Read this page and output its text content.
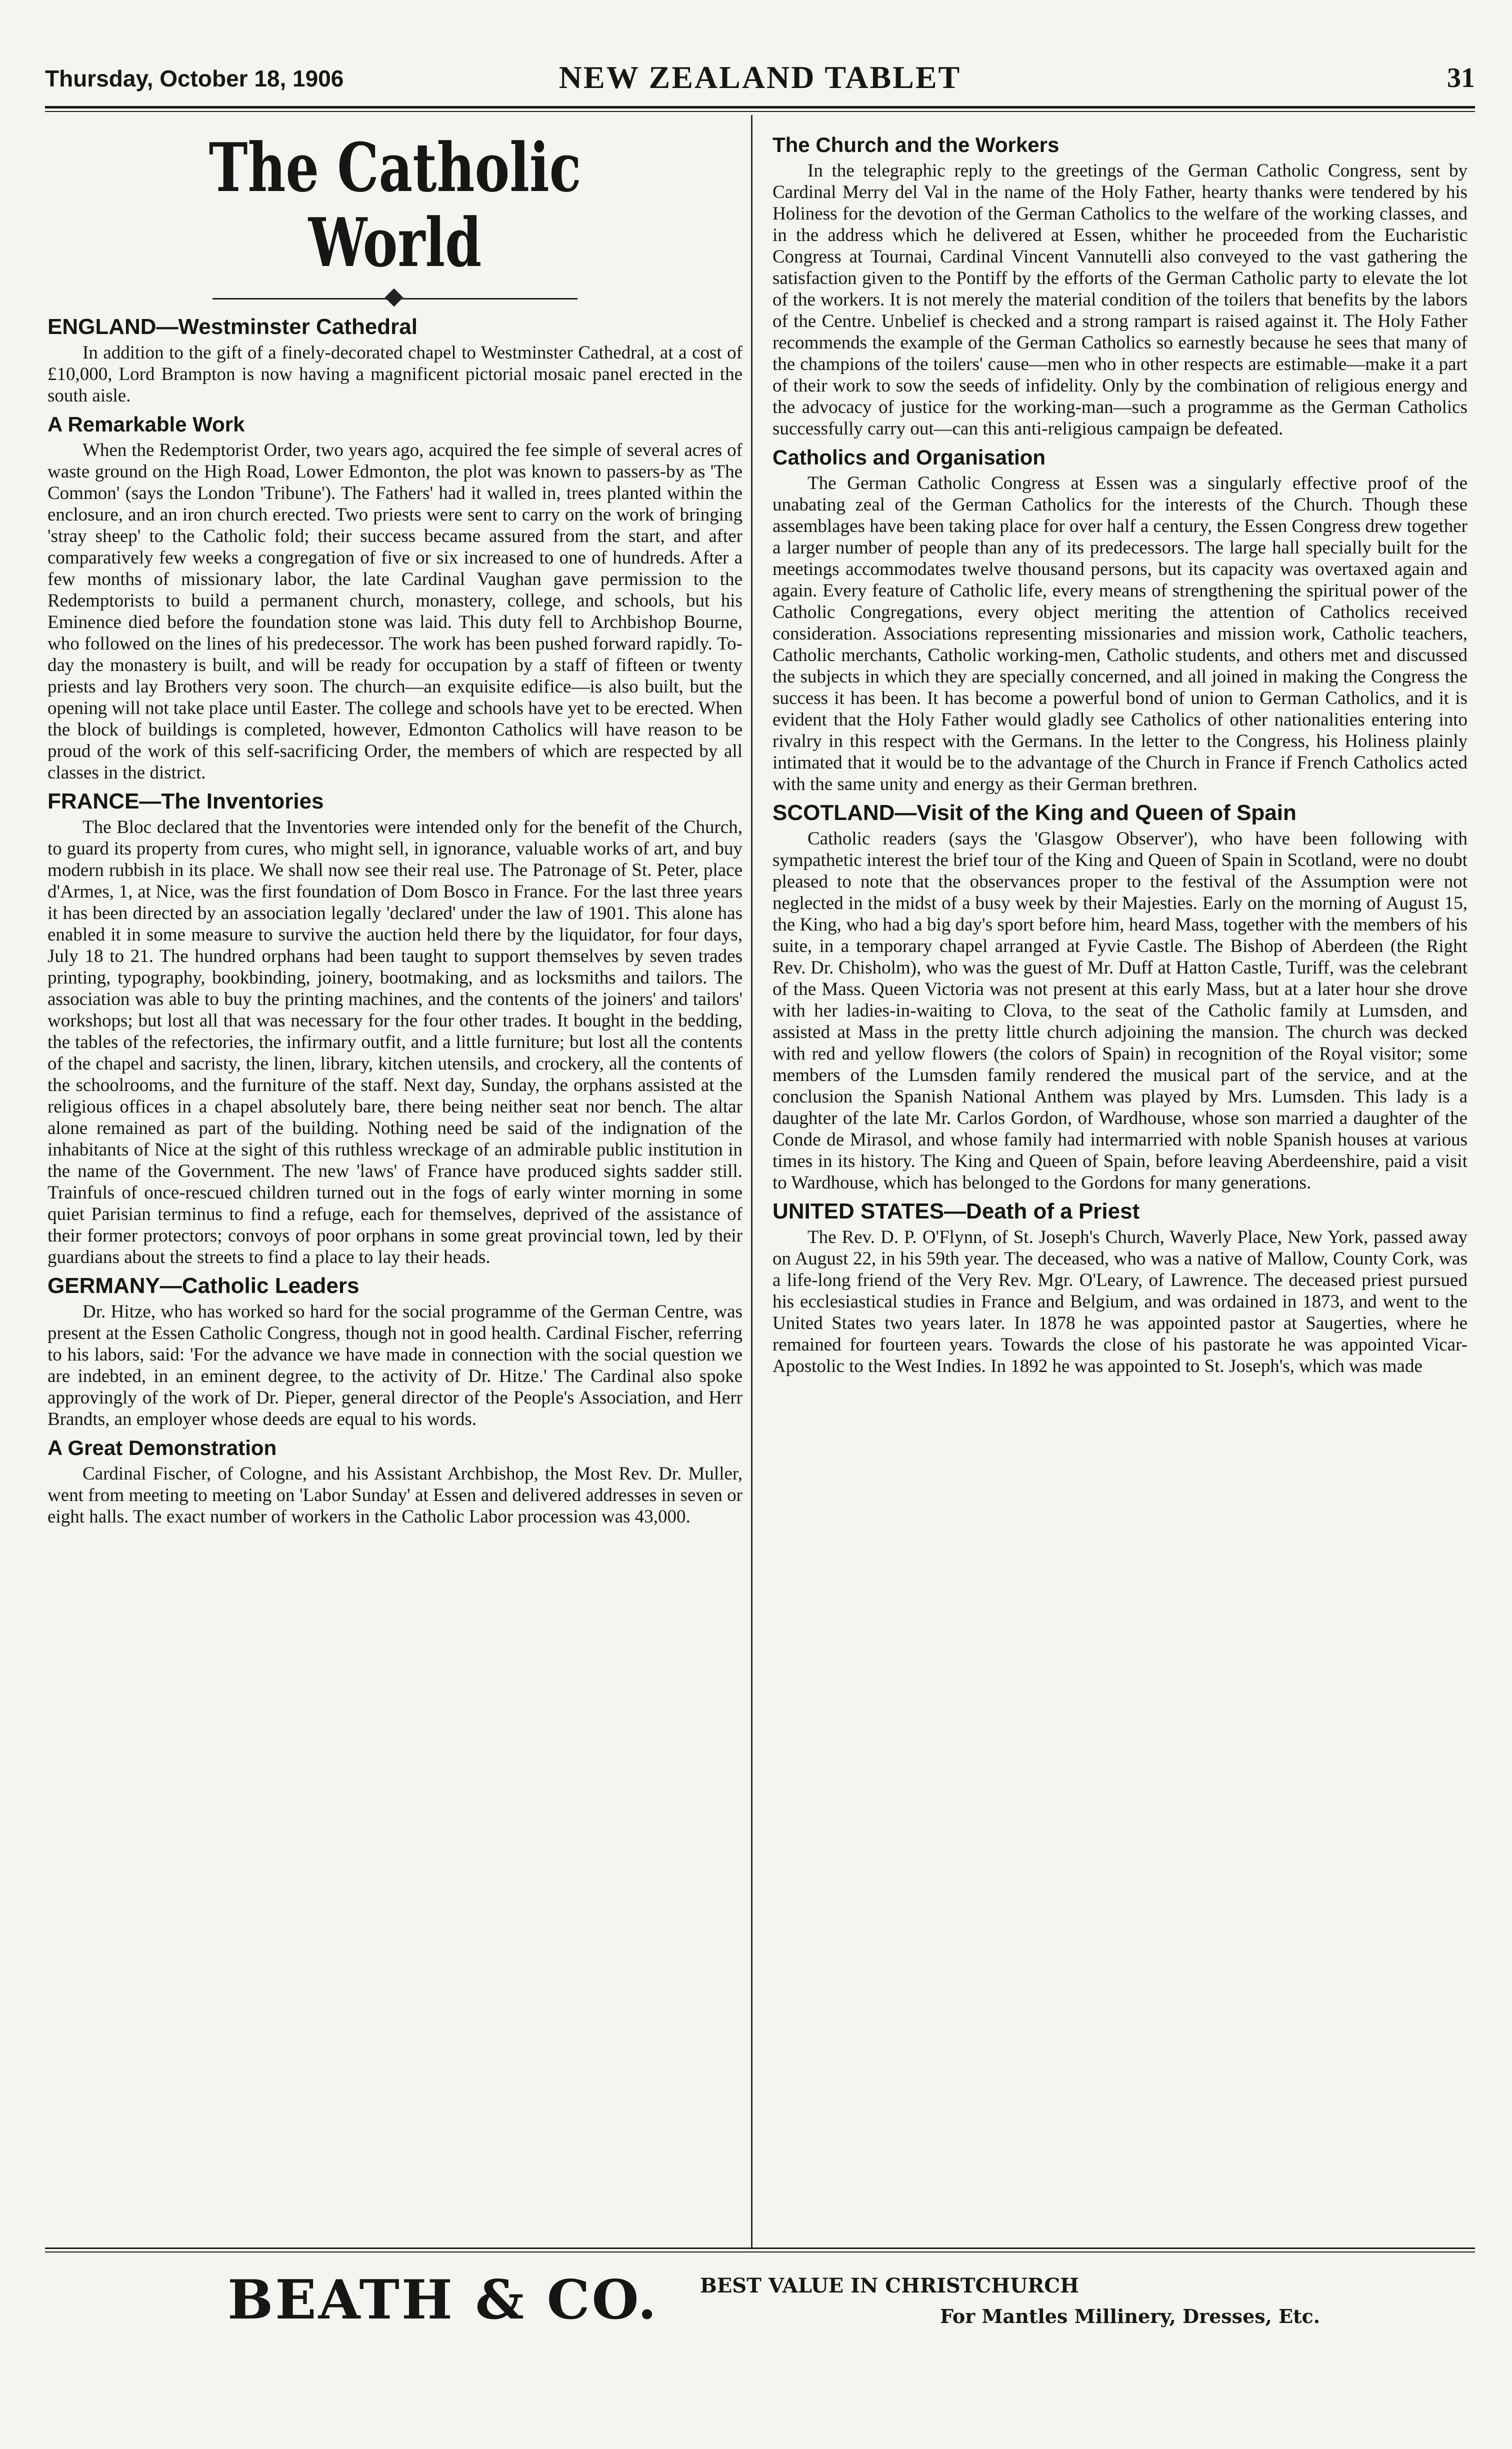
Thursday, October 18, 1906	NEW ZEALAND TABLET	31
The Catholic World
ENGLAND—Westminster Cathedral

In addition to the gift of a finely-decorated chapel to Westminster Cathedral, at a cost of £10,000, Lord Brampton is now having a magnificent pictorial mosaic panel erected in the south aisle.

A Remarkable Work

When the Redemptorist Order, two years ago, acquired the fee simple of several acres of waste ground on the High Road, Lower Edmonton, the plot was known to passers-by as 'The Common' (says the London 'Tribune'). The Fathers' had it walled in, trees planted within the enclosure, and an iron church erected. Two priests were sent to carry on the work of bringing 'stray sheep' to the Catholic fold; their success became assured from the start, and after comparatively few weeks a congregation of five or six increased to one of hundreds. After a few months of missionary labor, the late Cardinal Vaughan gave permission to the Redemptorists to build a permanent church, monastery, college, and schools, but his Eminence died before the foundation stone was laid. This duty fell to Archbishop Bourne, who followed on the lines of his predecessor. The work has been pushed forward rapidly. To-day the monastery is built, and will be ready for occupation by a staff of fifteen or twenty priests and lay Brothers very soon. The church—an exquisite edifice—is also built, but the opening will not take place until Easter. The college and schools have yet to be erected. When the block of buildings is completed, however, Edmonton Catholics will have reason to be proud of the work of this self-sacrificing Order, the members of which are respected by all classes in the district.

FRANCE—The Inventories

The Bloc declared that the Inventories were intended only for the benefit of the Church, to guard its property from cures, who might sell, in ignorance, valuable works of art, and buy modern rubbish in its place. We shall now see their real use. The Patronage of St. Peter, place d'Armes, 1, at Nice, was the first foundation of Dom Bosco in France. For the last three years it has been directed by an association legally 'declared' under the law of 1901. This alone has enabled it in some measure to survive the auction held there by the liquidator, for four days, July 18 to 21. The hundred orphans had been taught to support themselves by seven trades printing, typography, bookbinding, joinery, bootmaking, and as locksmiths and tailors. The association was able to buy the printing machines, and the contents of the joiners' and tailors' workshops; but lost all that was necessary for the four other trades. It bought in the bedding, the tables of the refectories, the infirmary outfit, and a little furniture; but lost all the contents of the chapel and sacristy, the linen, library, kitchen utensils, and crockery, all the contents of the schoolrooms, and the furniture of the staff. Next day, Sunday, the orphans assisted at the religious offices in a chapel absolutely bare, there being neither seat nor bench. The altar alone remained as part of the building. Nothing need be said of the indignation of the inhabitants of Nice at the sight of this ruthless wreckage of an admirable public institution in the name of the Government. The new 'laws' of France have produced sights sadder still. Trainfuls of once-rescued children turned out in the fogs of early winter morning in some quiet Parisian terminus to find a refuge, each for themselves, deprived of the assistance of their former protectors; convoys of poor orphans in some great provincial town, led by their guardians about the streets to find a place to lay their heads.

GERMANY—Catholic Leaders

Dr. Hitze, who has worked so hard for the social programme of the German Centre, was present at the Essen Catholic Congress, though not in good health. Cardinal Fischer, referring to his labors, said: 'For the advance we have made in connection with the social question we are indebted, in an eminent degree, to the activity of Dr. Hitze.' The Cardinal also spoke approvingly of the work of Dr. Pieper, general director of the People's Association, and Herr Brandts, an employer whose deeds are equal to his words.

A Great Demonstration

Cardinal Fischer, of Cologne, and his Assistant Archbishop, the Most Rev. Dr. Muller, went from meeting to meeting on 'Labor Sunday' at Essen and delivered addresses in seven or eight halls. The exact number of workers in the Catholic Labor procession was 43,000.

The Church and the Workers

In the telegraphic reply to the greetings of the German Catholic Congress, sent by Cardinal Merry del Val in the name of the Holy Father, hearty thanks were tendered by his Holiness for the devotion of the German Catholics to the welfare of the working classes, and in the address which he delivered at Essen, whither he proceeded from the Eucharistic Congress at Tournai, Cardinal Vincent Vannutelli also conveyed to the vast gathering the satisfaction given to the Pontiff by the efforts of the German Catholic party to elevate the lot of the workers. It is not merely the material condition of the toilers that benefits by the labors of the Centre. Unbelief is checked and a strong rampart is raised against it. The Holy Father recommends the example of the German Catholics so earnestly because he sees that many of the champions of the toilers' cause—men who in other respects are estimable—make it a part of their work to sow the seeds of infidelity. Only by the combination of religious energy and the advocacy of justice for the working-man—such a programme as the German Catholics successfully carry out—can this anti-religious campaign be defeated.

Catholics and Organisation

The German Catholic Congress at Essen was a singularly effective proof of the unabating zeal of the German Catholics for the interests of the Church. Though these assemblages have been taking place for over half a century, the Essen Congress drew together a larger number of people than any of its predecessors. The large hall specially built for the meetings accommodates twelve thousand persons, but its capacity was overtaxed again and again. Every feature of Catholic life, every means of strengthening the spiritual power of the Catholic Congregations, every object meriting the attention of Catholics received consideration. Associations representing missionaries and mission work, Catholic teachers, Catholic merchants, Catholic working-men, Catholic students, and others met and discussed the subjects in which they are specially concerned, and all joined in making the Congress the success it has been. It has become a powerful bond of union to German Catholics, and it is evident that the Holy Father would gladly see Catholics of other nationalities entering into rivalry in this respect with the Germans. In the letter to the Congress, his Holiness plainly intimated that it would be to the advantage of the Church in France if French Catholics acted with the same unity and energy as their German brethren.

SCOTLAND—Visit of the King and Queen of Spain

Catholic readers (says the 'Glasgow Observer'), who have been following with sympathetic interest the brief tour of the King and Queen of Spain in Scotland, were no doubt pleased to note that the observances proper to the festival of the Assumption were not neglected in the midst of a busy week by their Majesties. Early on the morning of August 15, the King, who had a big day's sport before him, heard Mass, together with the members of his suite, in a temporary chapel arranged at Fyvie Castle. The Bishop of Aberdeen (the Right Rev. Dr. Chisholm), who was the guest of Mr. Duff at Hatton Castle, Turiff, was the celebrant of the Mass. Queen Victoria was not present at this early Mass, but at a later hour she drove with her ladies-in-waiting to Clova, to the seat of the Catholic family at Lumsden, and assisted at Mass in the pretty little church adjoining the mansion. The church was decked with red and yellow flowers (the colors of Spain) in recognition of the Royal visitor; some members of the Lumsden family rendered the musical part of the service, and at the conclusion the Spanish National Anthem was played by Mrs. Lumsden. This lady is a daughter of the late Mr. Carlos Gordon, of Wardhouse, whose son married a daughter of the Conde de Mirasol, and whose family had intermarried with noble Spanish houses at various times in its history. The King and Queen of Spain, before leaving Aberdeenshire, paid a visit to Wardhouse, which has belonged to the Gordons for many generations.

UNITED STATES—Death of a Priest

The Rev. D. P. O'Flynn, of St. Joseph's Church, Waverly Place, New York, passed away on August 22, in his 59th year. The deceased, who was a native of Mallow, County Cork, was a life-long friend of the Very Rev. Mgr. O'Leary, of Lawrence. The deceased priest pursued his ecclesiastical studies in France and Belgium, and was ordained in 1873, and went to the United States two years later. In 1878 he was appointed pastor at Saugerties, where he remained for fourteen years. Towards the close of his pastorate he was appointed Vicar-Apostolic to the West Indies. In 1892 he was appointed to St. Joseph's, which was made

BEATH & CO. BEST VALUE IN CHRISTCHURCH
For Mantles Millinery, Dresses, Etc.
